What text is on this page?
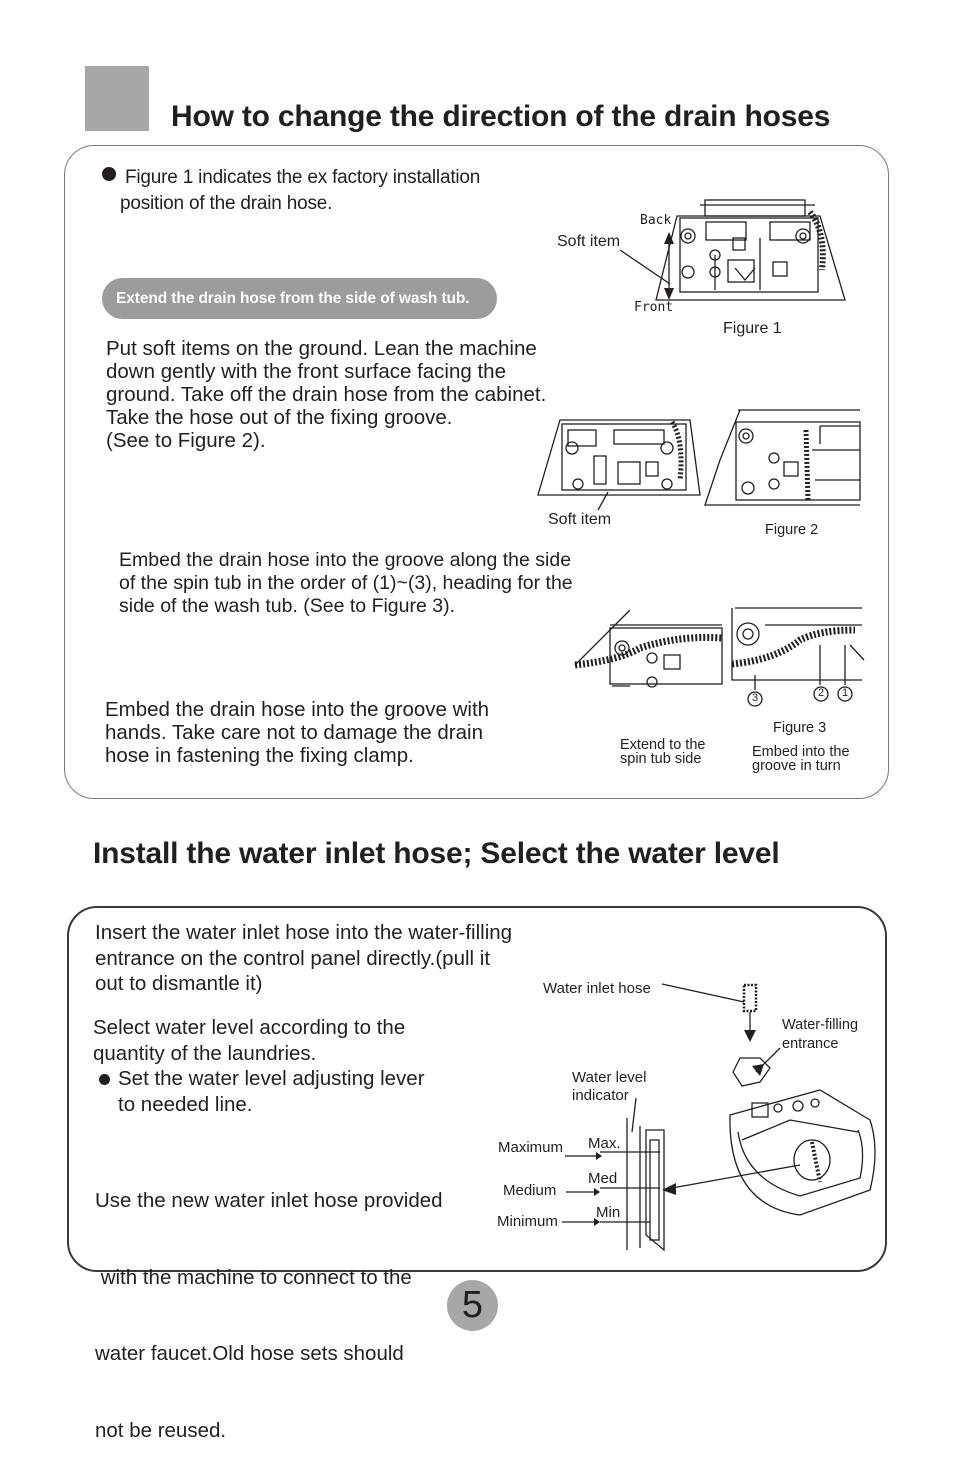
How to change the direction of the drain hoses
Figure 1 indicates the ex factory installation
position of the drain hose.
Extend the drain hose from the side of wash tub.
Put soft items on the ground. Lean the machine
down gently with the front surface facing the
ground. Take off the drain hose from the cabinet.
Take the hose out of the fixing groove.
(See to Figure 2).
Embed the drain hose into the groove along the side
of the spin tub in the order of (1)~(3), heading for the
side of the wash tub. (See to Figure 3).
Embed the drain hose into the groove with
hands. Take care not to damage the drain
hose in fastening the fixing clamp.
Back
Front
Soft item
Figure 1
Soft item
Figure 2
3	2	1
Figure 3
Extend to the
spin tub side	Embed into the
groove in turn
Install the water inlet hose; Select the water level
Insert the water inlet hose into the water-filling
entrance on the control panel directly.(pull it
out to dismantle it)
Select water level according to the
quantity of the laundries.
Set the water level adjusting lever
to needed line.

Use the new water inlet hose provided

with the machine to connect to the

water faucet.Old hose sets should

not be reused.

Water inlet hose
Water-filling
entrance
Water level
indicator
Maximum
Medium
Minimum
Max.
Med
Min
5
